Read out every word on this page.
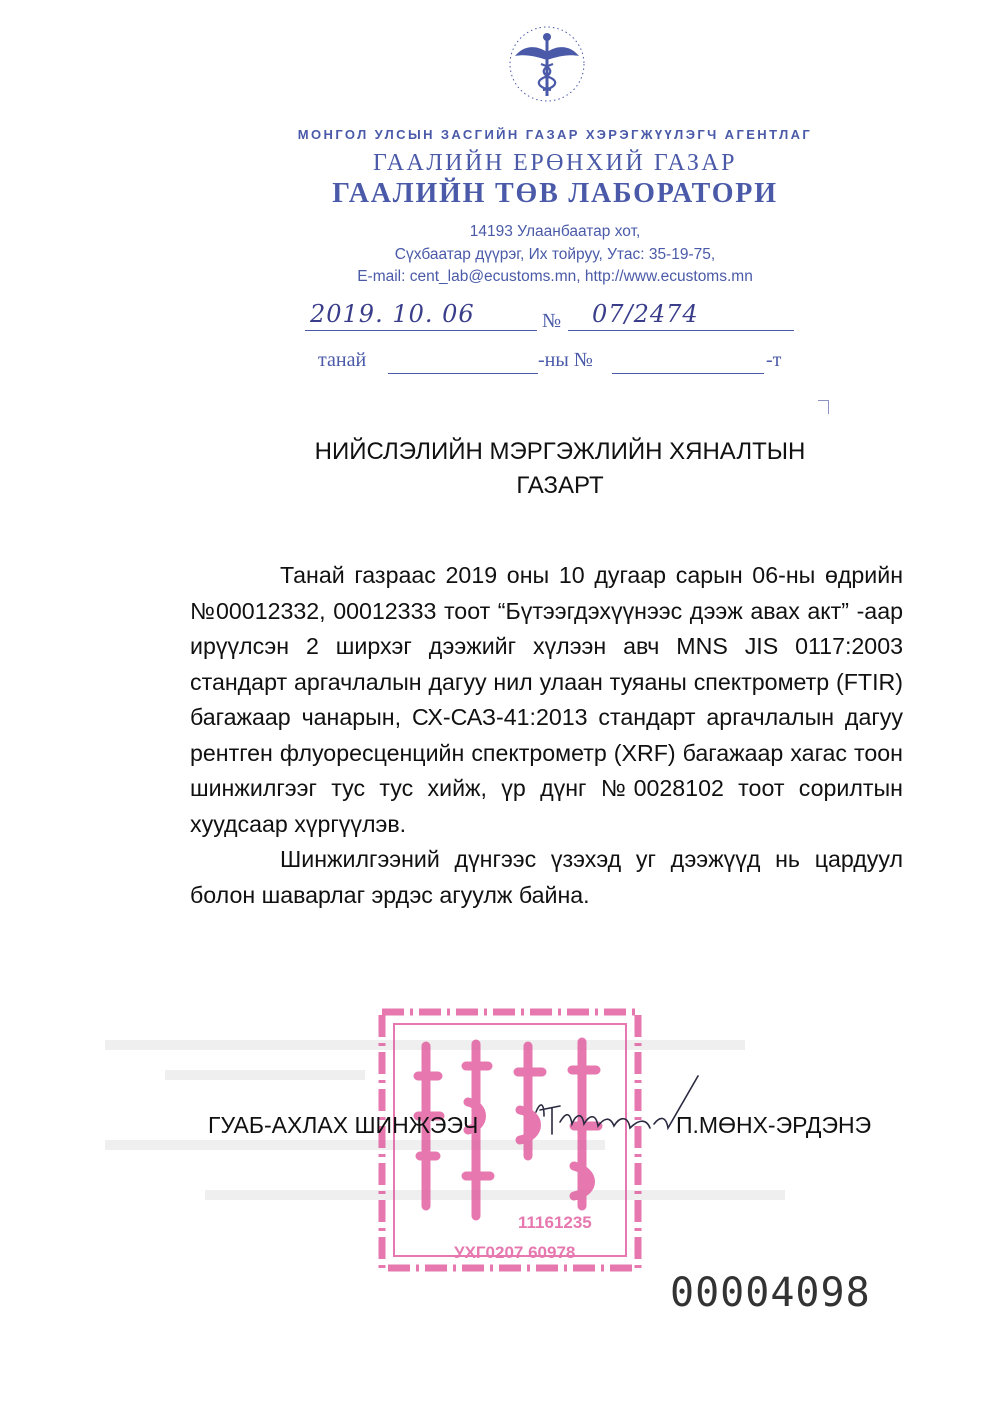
МОНГОЛ УЛСЫН ЗАСГИЙН ГАЗАР ХЭРЭГЖҮҮЛЭГЧ АГЕНТЛАГ
ГААЛИЙН ЕРӨНХИЙ ГАЗАР
ГААЛИЙН ТӨВ ЛАБОРАТОРИ
14193 Улаанбаатар хот,
Сүхбаатар дүүрэг, Их тойруу, Утас: 35-19-75,
E-mail: cent_lab@ecustoms.mn, http://www.ecustoms.mn
2019. 10. 06	№ 07/2474
танай	-ны №	-т
НИЙСЛЭЛИЙН МЭРГЭЖЛИЙН ХЯНАЛТЫН
ГАЗАРТ

Танай газраас 2019 оны 10 дугаар сарын 06-ны өдрийн №00012332, 00012333 тоот “Бүтээгдэхүүнээс дээж авах акт” -аар ирүүлсэн 2 ширхэг дээжийг хүлээн авч MNS JIS 0117:2003 стандарт аргачлалын дагуу нил улаан туяаны спектрометр (FTIR) багажаар чанарын, СХ-САЗ-41:2013 стандарт аргачлалын дагуу рентген флуоресценцийн спектрометр (XRF) багажаар хагас тоон шинжилгээг тус тус хийж, үр дүнг №0028102 тоот сорилтын хуудсаар хүргүүлэв.

Шинжилгээний дүнгээс үзэхэд уг дээжүүд нь цардуул болон шаварлаг эрдэс агуулж байна.

11161235
УХГ0207 60978
ГУАБ-АХЛАХ ШИНЖЭЭЧ	П.МӨНХ-ЭРДЭНЭ
00004098
